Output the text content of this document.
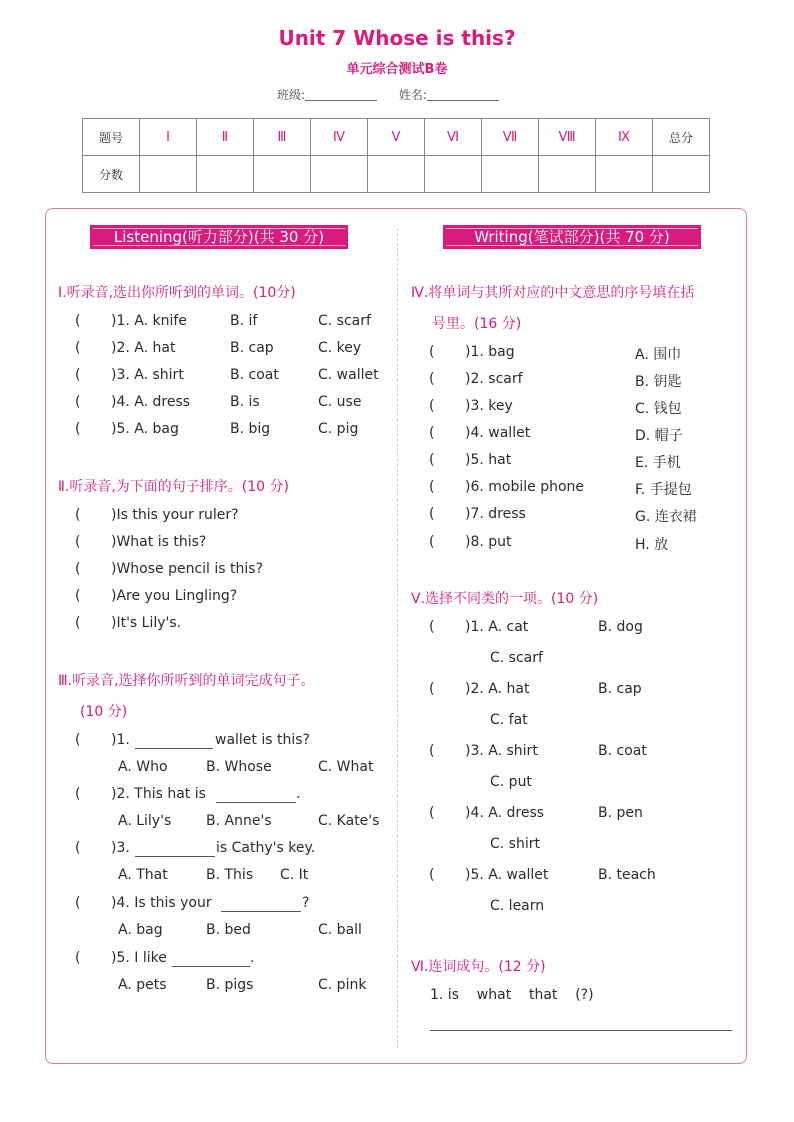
Unit 7 Whose is this?
单元综合测试B卷
班级:	姓名:
题号	Ⅰ	Ⅱ	Ⅲ	Ⅳ	Ⅴ	Ⅵ	Ⅶ	Ⅷ	Ⅸ	总分
分数										
Listening(听力部分)(共 30 分)
Ⅰ.听录音,选出你所听到的单词。(10分)
( )1. A. knife	B. if	C. scarf
( )2. A. hat	B. cap	C. key
( )3. A. shirt	B. coat	C. wallet
( )4. A. dress	B. is	C. use
( )5. A. bag	B. big	C. pig
Ⅱ.听录音,为下面的句子排序。(10 分)
( )Is this your ruler?
( )What is this?
( )Whose pencil is this?
( )Are you Lingling?
( )It's Lily's.
Ⅲ.听录音,选择你所听到的单词完成句子。
(10 分)
( )1.	wallet is this?
A. Who	B. Whose	C. What
( )2. This hat is	.
A. Lily's B. Anne's	C. Kate's
( )3.	is Cathy's key.
A. That	B. This C. It
( )4. Is this your	?
A. bag	B. bed	C. ball
( )5. I like	.
A. pets	B. pigs	C. pink
Writing(笔试部分)(共 70 分)
Ⅳ.将单词与其所对应的中文意思的序号填在括
号里。(16 分)
( )1. bag	A. 围巾
( )2. scarf	B. 钥匙
( )3. key	C. 钱包
( )4. wallet	D. 帽子
( )5. hat	E. 手机
( )6. mobile phone	F. 手提包
( )7. dress	G. 连衣裙
( )8. put	H. 放
Ⅴ.选择不同类的一项。(10 分)
( )1. A. cat	B. dog
C. scarf
( )2. A. hat	B. cap
C. fat
( )3. A. shirt	B. coat
C. put
( )4. A. dress	B. pen
C. shirt
( )5. A. wallet	B. teach
C. learn
Ⅵ.连词成句。(12 分)
1. is    what    that    (?)
